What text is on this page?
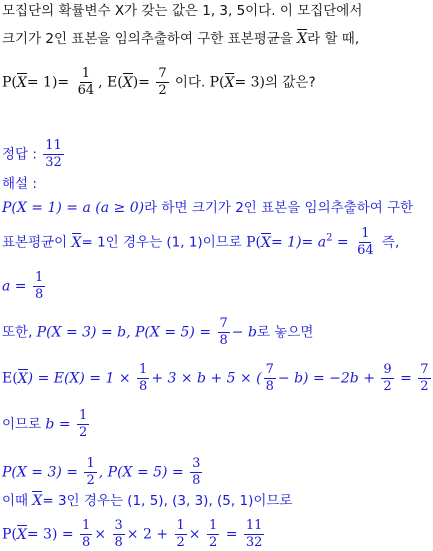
모집단의 확률변수 X가 갖는 값은 1, 3, 5이다. 이 모집단에서
크기가 2인 표본을 임의추출하여 구한 표본평균을 X라 할 때,
$P(X= 1)= \frac{1}{64}$ , $E(X)= \frac{7}{2}$ 이다. P(X= 3)의 값은?
정답 : $\frac{11}{32}$
해설 :
P(X = 1) = a (a ≥ 0)라 하면 크기가 2인 표본을 임의추출하여 구한
표본평균이 X= 1인 경우는 (1, 1)이므로 $P(X= 1)= a^2 = \frac{1}{64}$ 즉,
$a = \frac{1}{8}$
또한, P(X = 3) = b, $P(X = 5) = \frac{7}{8} - b$로 놓으면
$E(X) = E(X) = 1 \times \frac{1}{8} + 3 \times b + 5$ × ( $\frac{7}{8} - b) = -2b + \frac{9}{2} = \frac{7}{2}$
이므로 $b = \frac{1}{2}$
$P(X = 3) = \frac{1}{2}$ , $P(X = 5) = \frac{3}{8}$
이때 X= 3인 경우는 (1, 5), (3, 3), (5, 1)이므로
$P(X= 3) = \frac{1}{8} \times \frac{3}{8} \times 2 + \frac{1}{2} \times \frac{1}{2} = \frac{11}{32}$
